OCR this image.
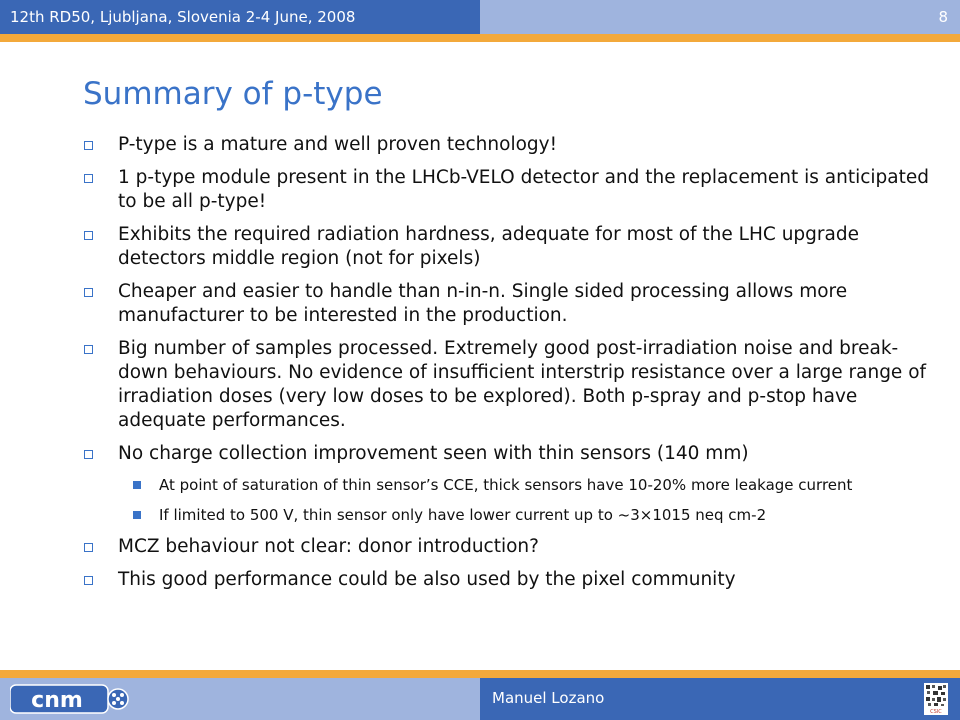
12th RD50, Ljubljana, Slovenia 2-4 June, 2008	8
Summary of p-type
P-type is a mature and well proven technology!
1 p-type module present in the LHCb-VELO detector and the replacement is anticipated to be all p-type!
Exhibits the required radiation hardness, adequate for most of the LHC upgrade detectors middle region (not for pixels)
Cheaper and easier to handle than n-in-n. Single sided processing allows more manufacturer to be interested in the production.
Big number of samples processed. Extremely good post-irradiation noise and break-down behaviours. No evidence of insufficient interstrip resistance over a large range of irradiation doses (very low doses to be explored). Both p-spray and p-stop have adequate performances.
No charge collection improvement seen with thin sensors (140 mm)
At point of saturation of thin sensor’s CCE, thick sensors have 10-20% more leakage current
If limited to 500 V, thin sensor only have lower current up to ~3×1015 neq cm-2
MCZ behaviour not clear: donor introduction?
This good performance could be also used by the pixel community
Manuel Lozano
cnm	CSIC
